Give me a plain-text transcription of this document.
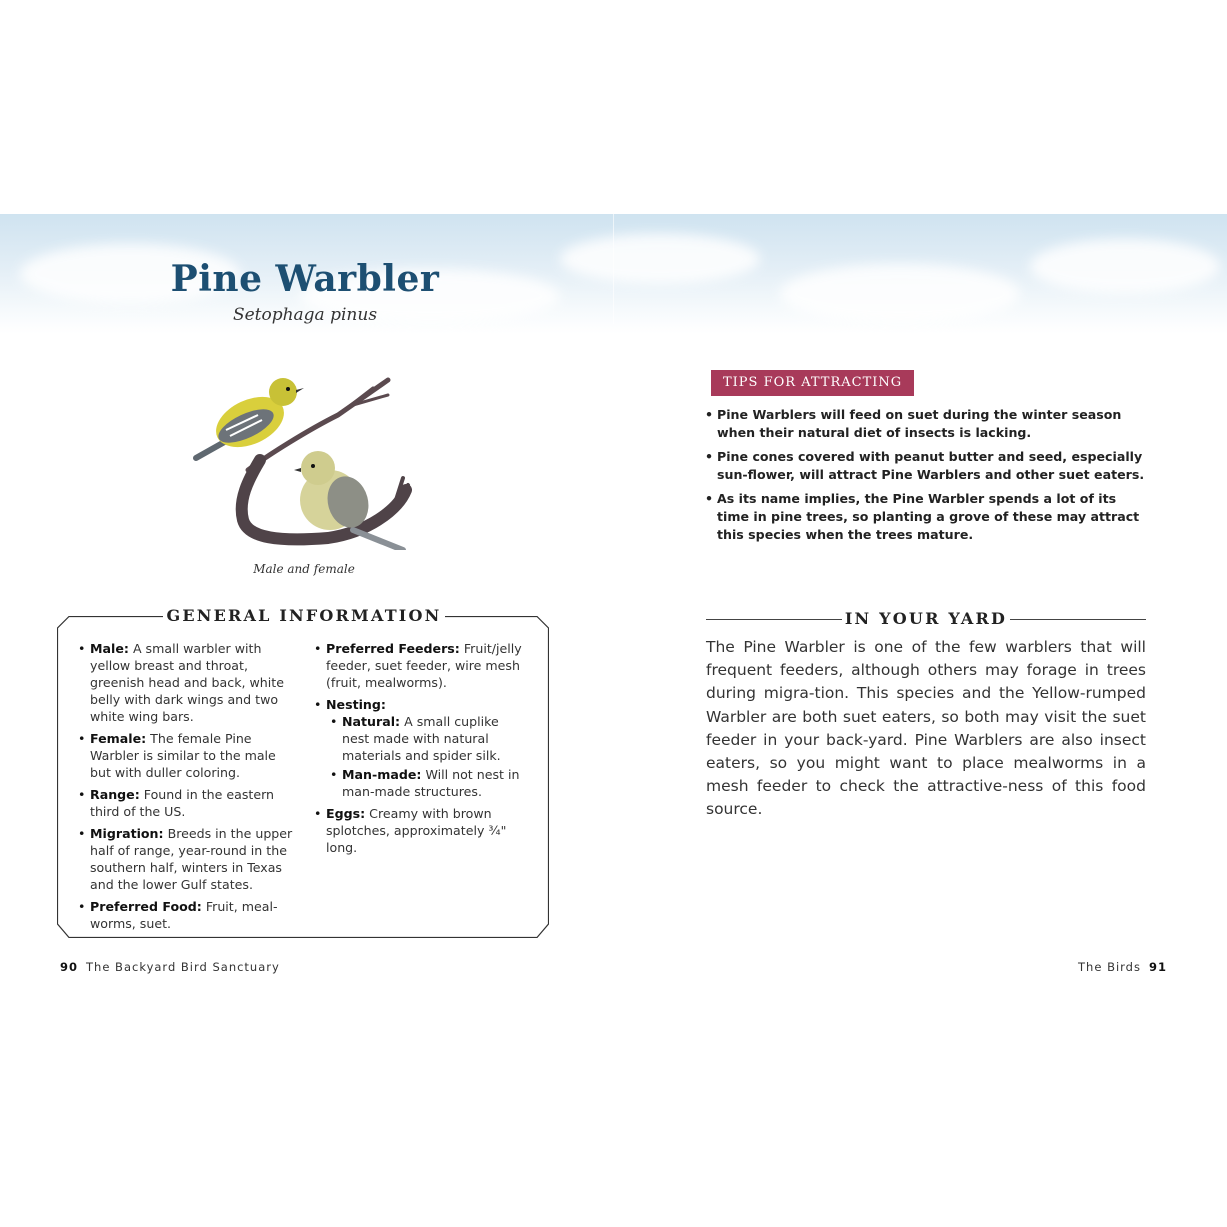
Pine Warbler
Setophaga pinus
Male and female
GENERAL INFORMATION
• Male: A small warbler with yellow breast and throat, greenish head and back, white belly with dark wings and two white wing bars.
• Female: The female Pine Warbler is similar to the male but with duller coloring.
• Range: Found in the eastern third of the US.
• Migration: Breeds in the upper half of range, year-round in the southern half, winters in Texas and the lower Gulf states.
• Preferred Food: Fruit, meal-worms, suet.
• Preferred Feeders: Fruit/jelly feeder, suet feeder, wire mesh (fruit, mealworms).
• Nesting:
• Natural: A small cuplike nest made with natural materials and spider silk.
• Man-made: Will not nest in man-made structures.
• Eggs: Creamy with brown splotches, approximately ¾" long.
90 The Backyard Bird Sanctuary	The Birds 91
TIPS FOR ATTRACTING
• Pine Warblers will feed on suet during the winter season when their natural diet of insects is lacking.
• Pine cones covered with peanut butter and seed, especially sun-flower, will attract Pine Warblers and other suet eaters.
• As its name implies, the Pine Warbler spends a lot of its time in pine trees, so planting a grove of these may attract this species when the trees mature.
IN YOUR YARD
The Pine Warbler is one of the few warblers that will frequent feeders, although others may forage in trees during migra-tion. This species and the Yellow-rumped Warbler are both suet eaters, so both may visit the suet feeder in your back-yard. Pine Warblers are also insect eaters, so you might want to place mealworms in a mesh feeder to check the attractive-ness of this food source.
